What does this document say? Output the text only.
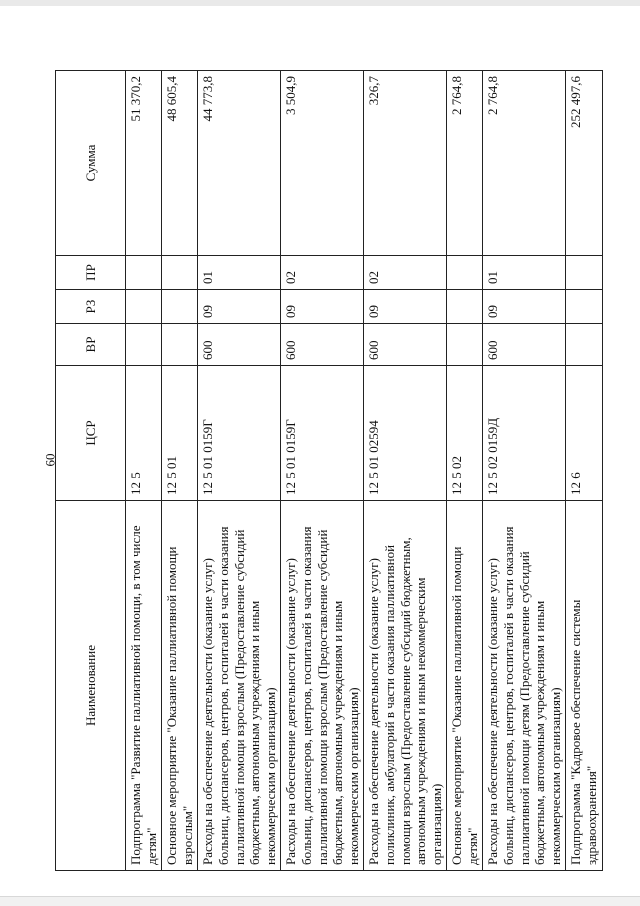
60
Наименование	ЦСР	ВР	РЗ	ПР	Сумма
Подпрограмма "Развитие паллиативной помощи, в том числе детям"	12 5				51 370,2
Основное мероприятие "Оказание паллиативной помощи взрослым"	12 5 01				48 605,4
Расходы на обеспечение деятельности (оказание услуг) больниц, диспансеров, центров, госпиталей в части оказания паллиативной помощи взрослым (Предоставление субсидий бюджетным, автономным учреждениям и иным некоммерческим организациям)	12 5 01 0159Г	600	09	01	44 773,8
Расходы на обеспечение деятельности (оказание услуг) больниц, диспансеров, центров, госпиталей в части оказания паллиативной помощи взрослым (Предоставление субсидий бюджетным, автономным учреждениям и иным некоммерческим организациям)	12 5 01 0159Г	600	09	02	3 504,9
Расходы на обеспечение деятельности (оказание услуг) поликлиник, амбулаторий в части оказания паллиативной помощи взрослым (Предоставление субсидий бюджетным, автономным учреждениям и иным некоммерческим организациям)	12 5 01 02594	600	09	02	326,7
Основное мероприятие "Оказание паллиативной помощи детям"	12 5 02				2 764,8
Расходы на обеспечение деятельности (оказание услуг) больниц, диспансеров, центров, госпиталей в части оказания паллиативной помощи детям (Предоставление субсидий бюджетным, автономным учреждениям и иным некоммерческим организациям)	12 5 02 0159Д	600	09	01	2 764,8
Подпрограмма "Кадровое обеспечение системы здравоохранения"	12 6				252 497,6
